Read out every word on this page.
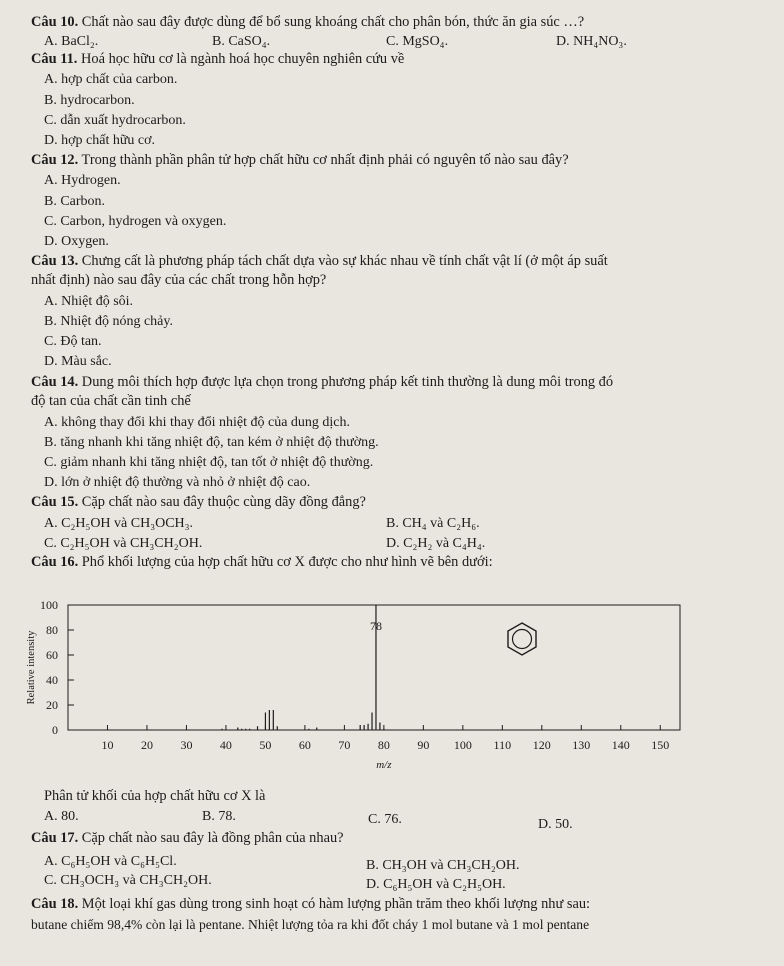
Câu 10. Chất nào sau đây được dùng để bổ sung khoáng chất cho phân bón, thức ăn gia súc …?
A. BaCl₂.	B. CaSO₄.	C. MgSO₄.	D. NH₄NO₃.
Câu 11. Hoá học hữu cơ là ngành hoá học chuyên nghiên cứu về
A. hợp chất của carbon.
B. hydrocarbon.
C. dẫn xuất hydrocarbon.
D. hợp chất hữu cơ.
Câu 12. Trong thành phần phân tử hợp chất hữu cơ nhất định phải có nguyên tố nào sau đây?
A. Hydrogen.
B. Carbon.
C. Carbon, hydrogen và oxygen.
D. Oxygen.
Câu 13. Chưng cất là phương pháp tách chất dựa vào sự khác nhau về tính chất vật lí (ở một áp suất
nhất định) nào sau đây của các chất trong hỗn hợp?
A. Nhiệt độ sôi.
B. Nhiệt độ nóng chảy.
C. Độ tan.
D. Màu sắc.
Câu 14. Dung môi thích hợp được lựa chọn trong phương pháp kết tinh thường là dung môi trong đó
độ tan của chất cần tinh chế
A. không thay đổi khi thay đổi nhiệt độ của dung dịch.
B. tăng nhanh khi tăng nhiệt độ, tan kém ở nhiệt độ thường.
C. giảm nhanh khi tăng nhiệt độ, tan tốt ở nhiệt độ thường.
D. lớn ở nhiệt độ thường và nhỏ ở nhiệt độ cao.
Câu 15. Cặp chất nào sau đây thuộc cùng dãy đồng đẳng?
A. C₂H₅OH và CH₃OCH₃.	B. CH₄ và C₂H₆.
C. C₂H₅OH và CH₃CH₂OH.	D. C₂H₂ và C₄H₄.
Câu 16. Phổ khối lượng của hợp chất hữu cơ X được cho như hình vẽ bên dưới:
0
20
40
60
80
100
10 20 30 40 50 60 70 80 90 100 110 120 130 140 150
78
Relative intensity
m/z
Phân tử khối của hợp chất hữu cơ X là
A. 80.	B. 78.	C. 76.	D. 50.
Câu 17. Cặp chất nào sau đây là đồng phân của nhau?
A. C₆H₅OH và C₆H₅Cl.	B. CH₃OH và CH₃CH₂OH.
C. CH₃OCH₃ và CH₃CH₂OH.	D. C₆H₅OH và C₂H₅OH.
Câu 18. Một loại khí gas dùng trong sinh hoạt có hàm lượng phần trăm theo khối lượng như sau:
butane chiếm 98,4% còn lại là pentane. Nhiệt lượng tỏa ra khi đốt cháy 1 mol butane và 1 mol pentane
